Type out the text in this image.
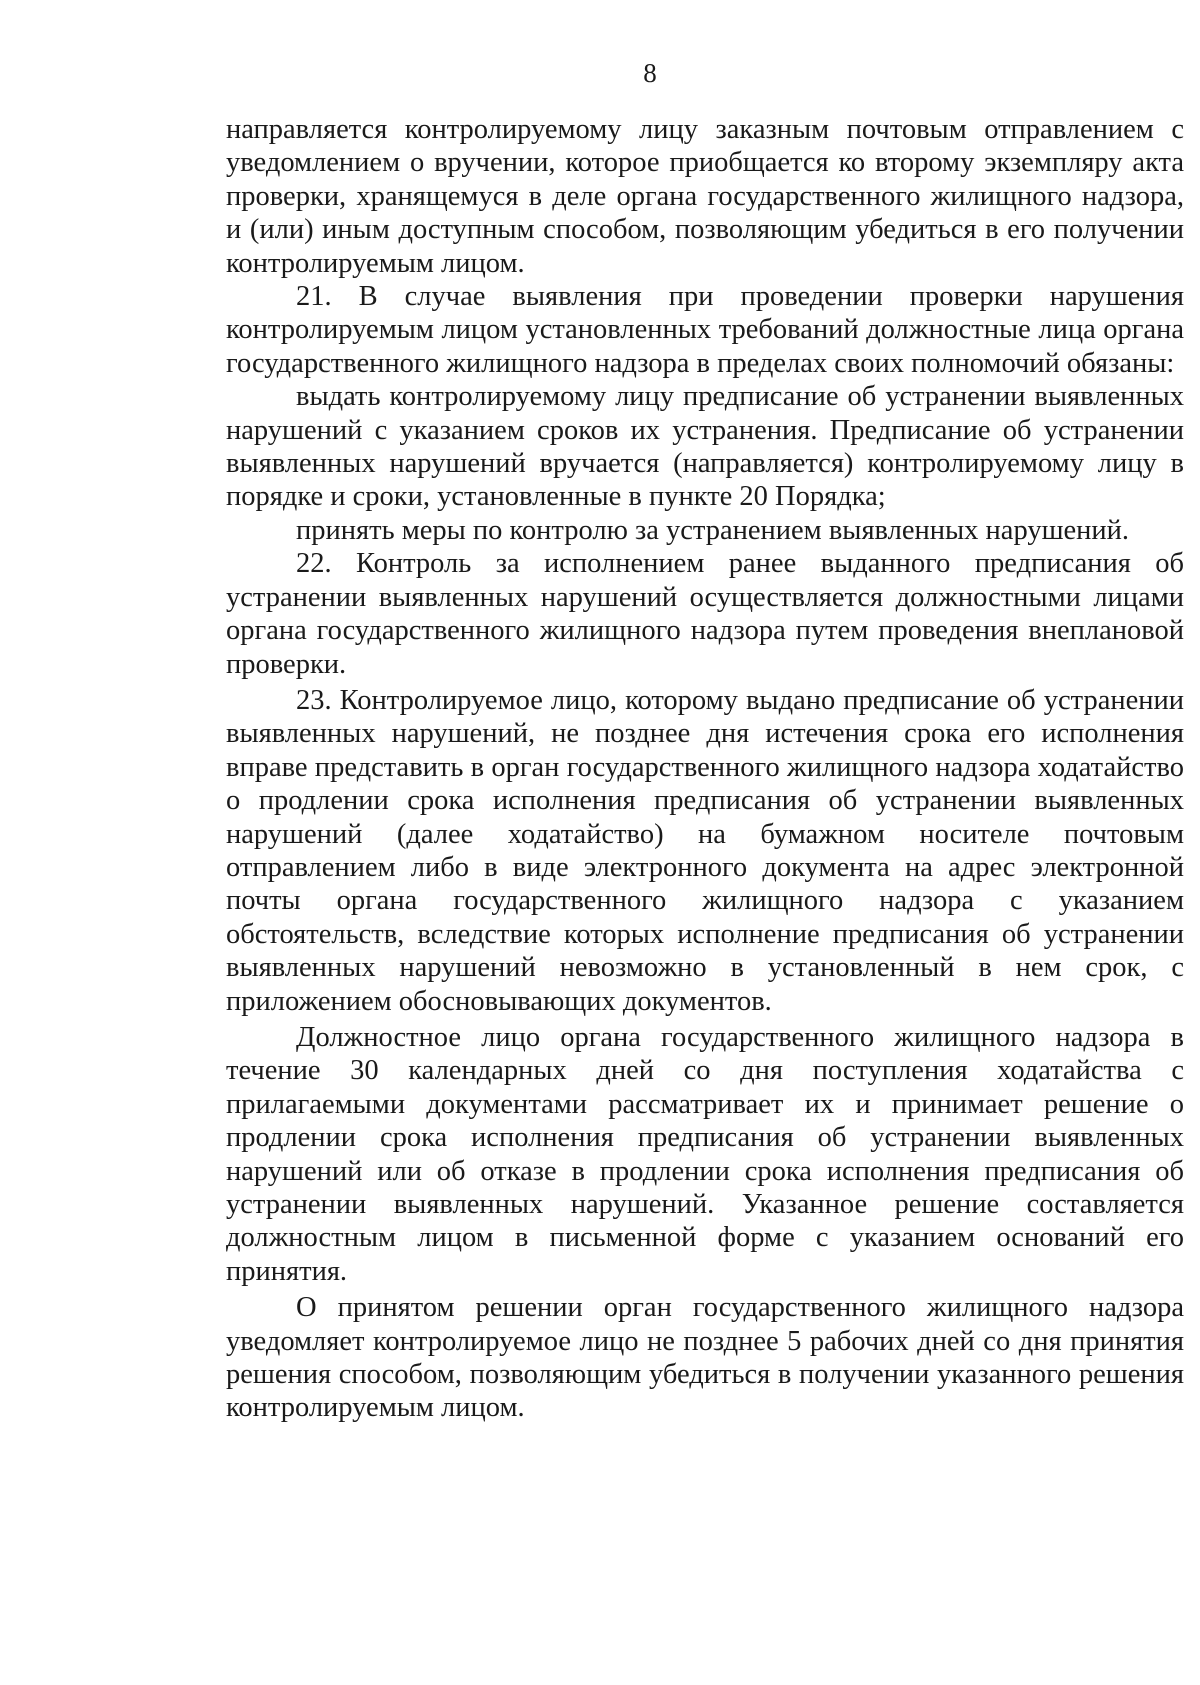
8

направляется контролируемому лицу заказным почтовым отправлением с уведомлением о вручении, которое приобщается ко второму экземпляру акта проверки, хранящемуся в деле органа государственного жилищного надзора, и (или) иным доступным способом, позволяющим убедиться в его получении контролируемым лицом.

21. В случае выявления при проведении проверки нарушения контролируемым лицом установленных требований должностные лица органа государственного жилищного надзора в пределах своих полномочий обязаны:

выдать контролируемому лицу предписание об устранении выявленных нарушений с указанием сроков их устранения. Предписание об устранении выявленных нарушений вручается (направляется) контролируемому лицу в порядке и сроки, установленные в пункте 20 Порядка;

принять меры по контролю за устранением выявленных нарушений.

22. Контроль за исполнением ранее выданного предписания об устранении выявленных нарушений осуществляется должностными лицами органа государственного жилищного надзора путем проведения внеплановой проверки.

23. Контролируемое лицо, которому выдано предписание об устранении выявленных нарушений, не позднее дня истечения срока его исполнения вправе представить в орган государственного жилищного надзора ходатайство о продлении срока исполнения предписания об устранении выявленных нарушений (далее ходатайство) на бумажном носителе почтовым отправлением либо в виде электронного документа на адрес электронной почты органа государственного жилищного надзора с указанием обстоятельств, вследствие которых исполнение предписания об устранении выявленных нарушений невозможно в установленный в нем срок, с приложением обосновывающих документов.

Должностное лицо органа государственного жилищного надзора в течение 30 календарных дней со дня поступления ходатайства с прилагаемыми документами рассматривает их и принимает решение о продлении срока исполнения предписания об устранении выявленных нарушений или об отказе в продлении срока исполнения предписания об устранении выявленных нарушений. Указанное решение составляется должностным лицом в письменной форме с указанием оснований его принятия.

О принятом решении орган государственного жилищного надзора уведомляет контролируемое лицо не позднее 5 рабочих дней со дня принятия решения способом, позволяющим убедиться в получении указанного решения контролируемым лицом.
